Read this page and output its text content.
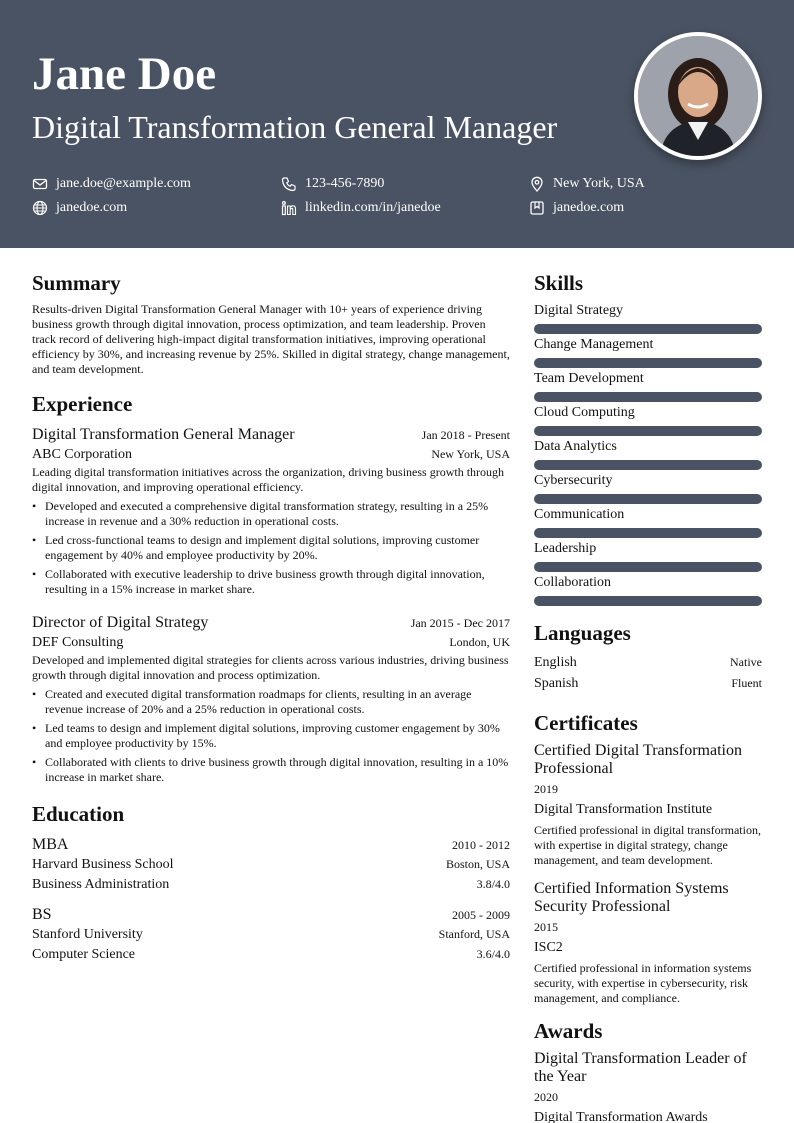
Jane Doe
Digital Transformation General Manager
jane.doe@example.com	123-456-7890	New York, USA
janedoe.com	linkedin.com/in/janedoe	janedoe.com
Summary
Results-driven Digital Transformation General Manager with 10+ years of experience driving business growth through digital innovation, process optimization, and team leadership. Proven track record of delivering high-impact digital transformation initiatives, improving operational efficiency by 30%, and increasing revenue by 25%. Skilled in digital strategy, change management, and team development.
Experience
Digital Transformation General Manager	Jan 2018 - Present
ABC Corporation	New York, USA
Leading digital transformation initiatives across the organization, driving business growth through digital innovation, and improving operational efficiency.
• Developed and executed a comprehensive digital transformation strategy, resulting in a 25% increase in revenue and a 30% reduction in operational costs.
• Led cross-functional teams to design and implement digital solutions, improving customer engagement by 40% and employee productivity by 20%.
• Collaborated with executive leadership to drive business growth through digital innovation, resulting in a 15% increase in market share.
Director of Digital Strategy	Jan 2015 - Dec 2017
DEF Consulting	London, UK
Developed and implemented digital strategies for clients across various industries, driving business growth through digital innovation and process optimization.
• Created and executed digital transformation roadmaps for clients, resulting in an average revenue increase of 20% and a 25% reduction in operational costs.
• Led teams to design and implement digital solutions, improving customer engagement by 30% and employee productivity by 15%.
• Collaborated with clients to drive business growth through digital innovation, resulting in a 10% increase in market share.
Education
MBA	2010 - 2012
Harvard Business School	Boston, USA
Business Administration	3.8/4.0
BS	2005 - 2009
Stanford University	Stanford, USA
Computer Science	3.6/4.0
Skills
Digital Strategy
Change Management
Team Development
Cloud Computing
Data Analytics
Cybersecurity
Communication
Leadership
Collaboration
Languages
English	Native
Spanish	Fluent
Certificates
Certified Digital Transformation Professional
2019
Digital Transformation Institute
Certified professional in digital transformation, with expertise in digital strategy, change management, and team development.
Certified Information Systems Security Professional
2015
ISC2
Certified professional in information systems security, with expertise in cybersecurity, risk management, and compliance.
Awards
Digital Transformation Leader of the Year
2020
Digital Transformation Awards
